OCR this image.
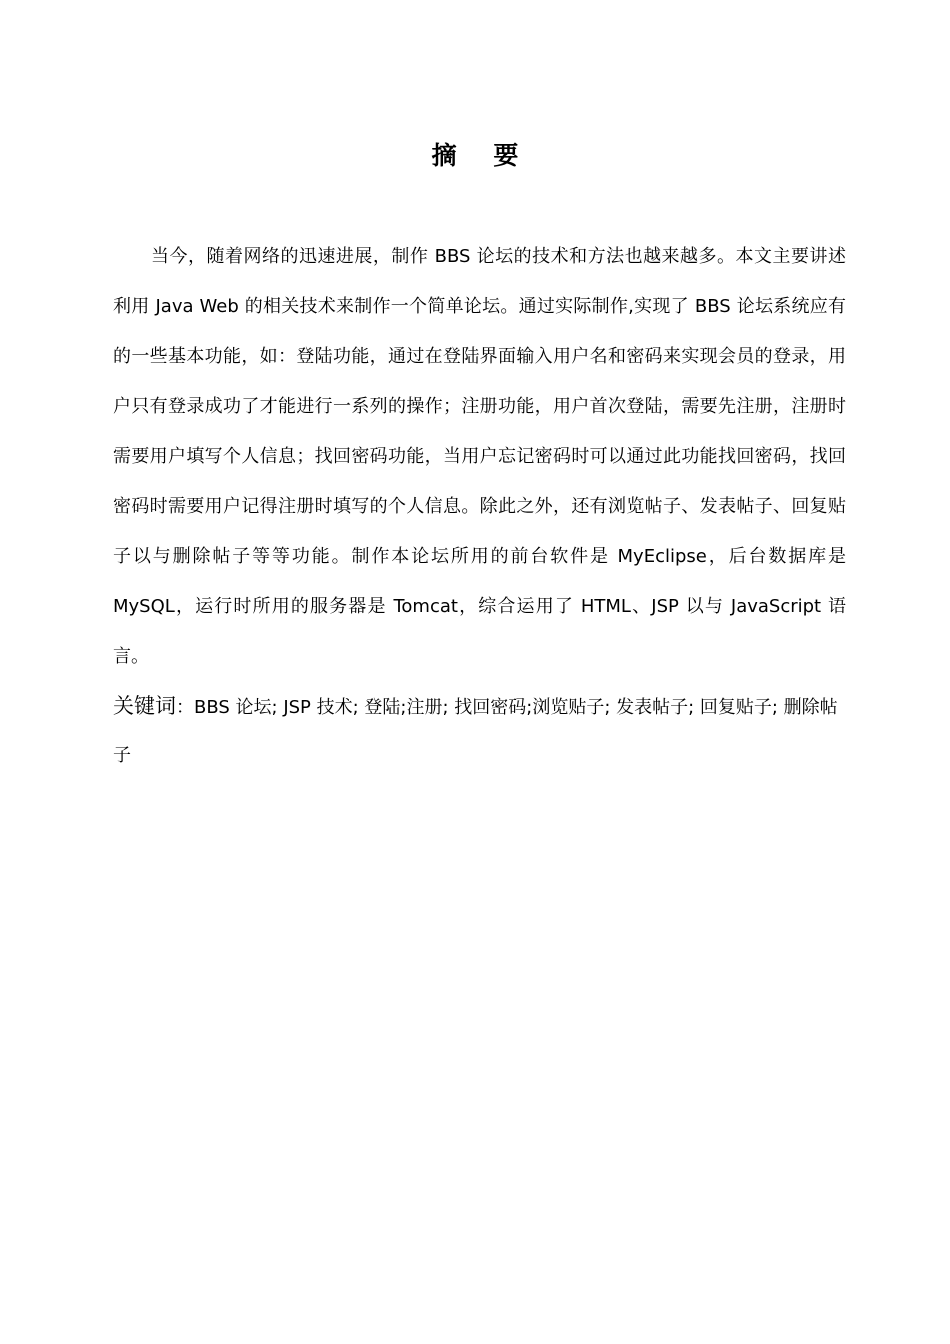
摘 要

当今，随着网络的迅速进展，制作 BBS 论坛的技术和方法也越来越多。本文主要讲述利用 Java Web 的相关技术来制作一个简单论坛。通过实际制作,实现了 BBS 论坛系统应有的一些基本功能，如：登陆功能，通过在登陆界面输入用户名和密码来实现会员的登录，用户只有登录成功了才能进行一系列的操作；注册功能，用户首次登陆，需要先注册，注册时需要用户填写个人信息；找回密码功能，当用户忘记密码时可以通过此功能找回密码，找回密码时需要用户记得注册时填写的个人信息。除此之外，还有浏览帖子、发表帖子、回复贴子以与删除帖子等等功能。制作本论坛所用的前台软件是 MyEclipse，后台数据库是 MySQL，运行时所用的服务器是 Tomcat，综合运用了 HTML、JSP 以与 JavaScript 语言。

关键词：BBS 论坛; JSP 技术; 登陆;注册; 找回密码;浏览贴子; 发表帖子; 回复贴子; 删除帖子
